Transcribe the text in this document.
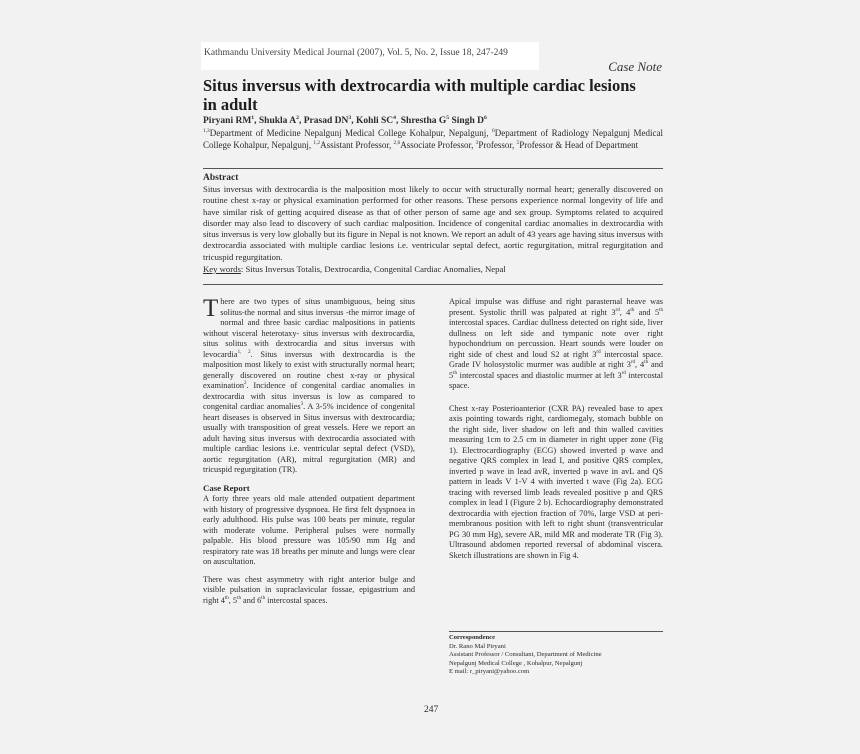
Kathmandu University Medical Journal (2007), Vol. 5, No. 2, Issue 18, 247-249
Case Note
Situs inversus with dextrocardia with multiple cardiac lesions in adult
Piryani $RM^1$, Shukla $A^2$, Prasad $DN^3$, Kohli $SC^4$, Shrestha $G^5$ Singh $D^6$
$^{1,3}$Department of Medicine Nepalgunj Medical College Kohalpur, Nepalgunj, $^6$Department of Radiology Nepalgunj Medical College Kohalpur, Nepalgunj, $^{1,2}$Assistant Professor, $^{2,6}$Associate Professor, $^3$Professor, $^5$Professor & Head of Department
Abstract
Situs inversus with dextrocardia is the malposition most likely to occur with structurally normal heart; generally discovered on routine chest x-ray or physical examination performed for other reasons. These persons experience normal longevity of life and have similar risk of getting acquired disease as that of other person of same age and sex group. Symptoms related to acquired disorder may also lead to discovery of such cardiac malposition. Incidence of congenital cardiac anomalies in dextrocardia with situs inversus is very low globally but its figure in Nepal is not known. We report an adult of 43 years age having situs inversus with dextrocardia associated with multiple cardiac lesions i.e. ventricular septal defect, aortic regurgitation, mitral regurgitation and tricuspid regurgitation.
Key words: Situs Inversus Totalis, Dextrocardia, Congenital Cardiac Anomalies, Nepal

There are two types of situs unambiguous, being situs solitus-the normal and situs inversus -the mirror image of normal and three basic cardiac malpositions in patients without visceral heterotaxy- situs inversus with dextrocardia, situs solitus with dextrocardia and situs inversus with levocardia$^{1, 2}$. Situs inversus with dextrocardia is the malposition most likely to exist with structurally normal heart; generally discovered on routine chest x-ray or physical examination$^2$. Incidence of congenital cardiac anomalies in dextrocardia with situs inversus is low as compared to congenital cardiac anomalies$^3$. A 3-5% incidence of congenital heart diseases is observed in Situs inversus with dextrocardia; usually with transposition of great vessels. Here we report an adult having situs inversus with dextrocardia associated with multiple cardiac lesions i.e. ventricular septal defect (VSD), aortic regurgitation (AR), mitral regurgitation (MR) and tricuspid regurgitation (TR).

Case Report

A forty three years old male attended outpatient department with history of progressive dyspnoea. He first felt dyspnoea in early adulthood. His pulse was 100 beats per minute, regular with moderate volume. Peripheral pulses were normally palpable. His blood pressure was 105/90 mm Hg and respiratory rate was 18 breaths per minute and lungs were clear on auscultation.

There was chest asymmetry with right anterior bulge and visible pulsation in supraclavicular fossae, epigastrium and right 4th, 5th and 6th intercostal spaces.

Apical impulse was diffuse and right parasternal heave was present. Systolic thrill was palpated at right 3rd, 4th and 5th intercostal spaces. Cardiac dullness detected on right side, liver dullness on left side and tympanic note over right hypochondrium on percussion. Heart sounds were louder on right side of chest and loud S2 at right 3rd intercostal space. Grade IV holosystolic murmer was audible at right 3rd, 4th and 5th intercostal spaces and diastolic murmer at left 3rd intercostal space.

Chest x-ray Posterioanterior (CXR PA) revealed base to apex axis pointing towards right, cardiomegaly, stomach bubble on the right side, liver shadow on left and thin walled cavities measuring 1cm to 2.5 cm in diameter in right upper zone (Fig 1). Electrocardiography (ECG) showed inverted p wave and negative QRS complex in lead I, and positive QRS complex, inverted p wave in lead avR, inverted p wave in avL and QS pattern in leads V 1-V 4 with inverted t wave (Fig 2a). ECG tracing with reversed limb leads revealed positive p and QRS complex in lead I (Figure 2 b). Echocardiography demonstrated dextrocardia with ejection fraction of 70%, large VSD at peri-membranous position with left to right shunt (transventricular PG 30 mm Hg), severe AR, mild MR and moderate TR (Fig 3). Ultrasound abdomen reported reversal of abdominal viscera. Sketch illustrations are shown in Fig 4.

Correspondence
Dr. Rano Mal Piryani
Assistant Professor / Consultant, Department of Medicine
Nepalgunj Medical College , Kohalpur, Nepalgunj
E mail: r_piryani@yahoo.com
247
